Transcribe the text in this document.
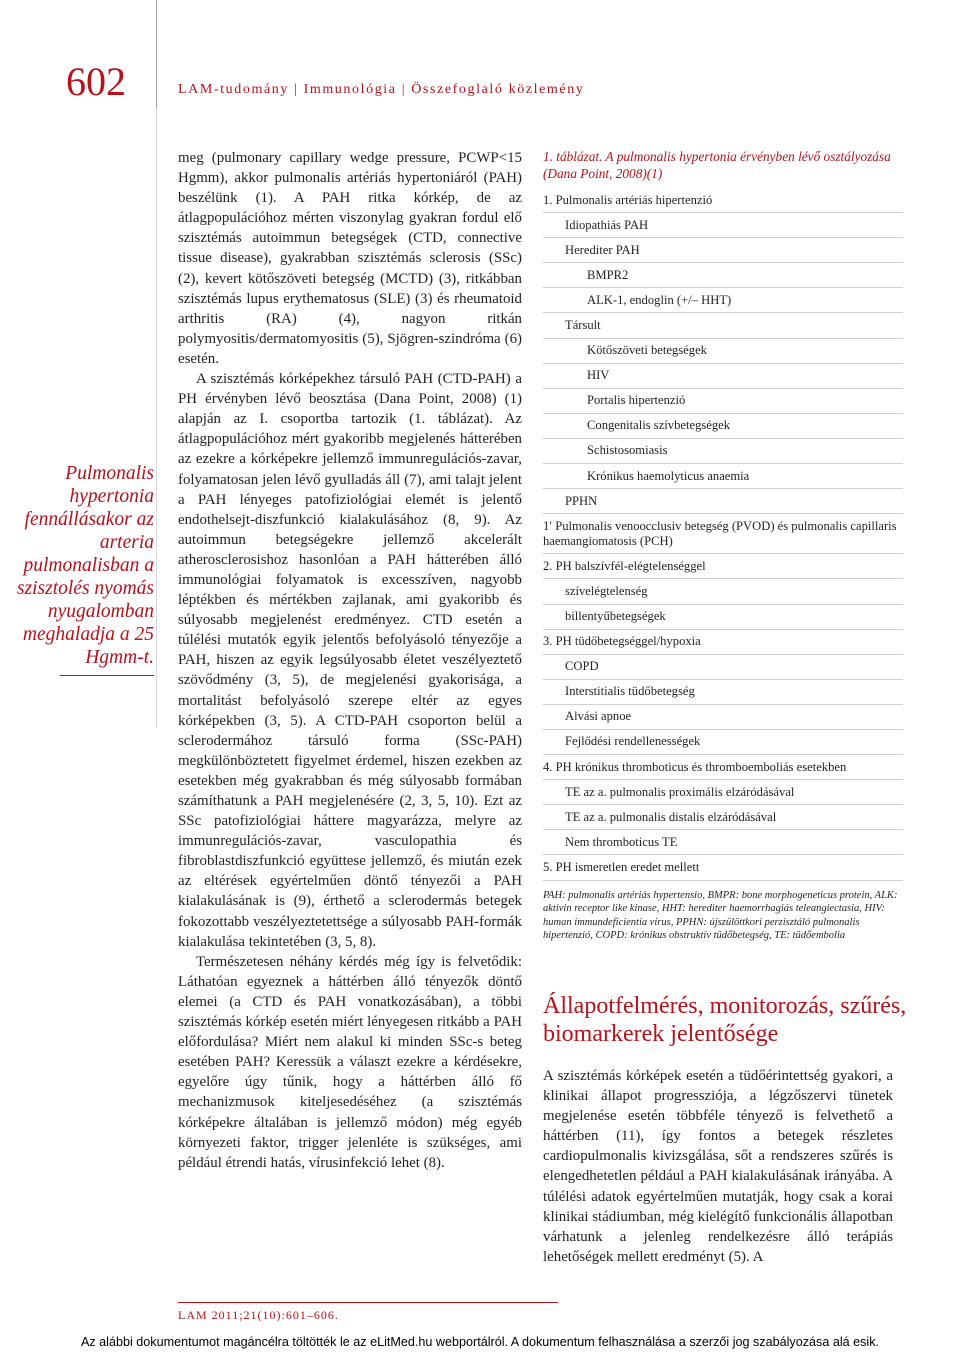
602	LAM-tudomány | Immunológia | Összefoglaló közlemény
Pulmonalis hypertonia fennállásakor az arteria pulmonalisban a szisztolés nyomás nyugalomban meghaladja a 25 Hgmm-t.

meg (pulmonary capillary wedge pressure, PCWP<15 Hgmm), akkor pulmonalis artériás hypertoniáról (PAH) beszélünk (1). A PAH ritka kórkép, de az átlagpopulációhoz mérten viszonylag gyakran fordul elő szisztémás autoimmun betegségek (CTD, connective tissue disease), gyakrabban szisztémás sclerosis (SSc) (2), kevert kötőszöveti betegség (MCTD) (3), ritkábban szisztémás lupus erythematosus (SLE) (3) és rheumatoid arthritis (RA) (4), nagyon ritkán polymyositis/dermatomyositis (5), Sjögren-szindróma (6) esetén.

A szisztémás kórképekhez társuló PAH (CTD-PAH) a PH érvényben lévő beosztása (Dana Point, 2008) (1) alapján az I. csoportba tartozik (1. táblázat). Az átlagpopulációhoz mért gyakoribb megjelenés hátterében az ezekre a kórképekre jellemző immunregulációs-zavar, folyamatosan jelen lévő gyulladás áll (7), ami talajt jelent a PAH lényeges patofiziológiai elemét is jelentő endothelsejt-diszfunkció kialakulásához (8, 9). Az autoimmun betegségekre jellemző akcelerált atherosclerosishoz hasonlóan a PAH hátterében álló immunológiai folyamatok is excesszíven, nagyobb léptékben és mértékben zajlanak, ami gyakoribb és súlyosabb megjelenést eredményez. CTD esetén a túlélési mutatók egyik jelentős befolyásoló tényezője a PAH, hiszen az egyik legsúlyosabb életet veszélyeztető szövődmény (3, 5), de megjelenési gyakorisága, a mortalitást befolyásoló szerepe eltér az egyes kórképekben (3, 5). A CTD-PAH csoporton belül a sclerodermához társuló forma (SSc-PAH) megkülönböztetett figyelmet érdemel, hiszen ezekben az esetekben még gyakrabban és még súlyosabb formában számíthatunk a PAH megjelenésére (2, 3, 5, 10). Ezt az SSc patofiziológiai háttere magyarázza, melyre az immunregulációs-zavar, vasculopathia és fibroblastdiszfunkció együttese jellemző, és miután ezek az eltérések egyértelműen döntő tényezői a PAH kialakulásának is (9), érthető a sclerodermás betegek fokozottabb veszélyeztetettsége a súlyosabb PAH-formák kialakulása tekintetében (3, 5, 8).

Természetesen néhány kérdés még így is felvetődik: Láthatóan egyeznek a háttérben álló tényezők döntő elemei (a CTD és PAH vonatkozásában), a többi szisztémás kórkép esetén miért lényegesen ritkább a PAH előfordulása? Miért nem alakul ki minden SSc-s beteg esetében PAH? Keressük a választ ezekre a kérdésekre, egyelőre úgy tűnik, hogy a háttérben álló fő mechanizmusok kiteljesedéséhez (a szisztémás kórképekre általában is jellemző módon) még egyéb környezeti faktor, trigger jelenléte is szükséges, ami például étrendi hatás, vírusinfekció lehet (8).

1. táblázat. A pulmonalis hypertonia érvényben lévő osztályozása (Dana Point, 2008)(1)
1. Pulmonalis artériás hipertenzió
Idiopathiás PAH
Herediter PAH
BMPR2
ALK-1, endoglin (+/– HHT)
Társult
Kötőszöveti betegségek
HIV
Portalis hipertenzió
Congenitalis szívbetegségek
Schistosomiasis
Krónikus haemolyticus anaemia
PPHN
1′ Pulmonalis venoocclusiv betegség (PVOD) és pulmonalis capillaris haemangiomatosis (PCH)
2. PH balszívfél-elégtelenséggel
szívelégtelenség
billentyűbetegségek
3. PH tüdőbetegséggel/hypoxia
COPD
Interstitialis tüdőbetegség
Alvási apnoe
Fejlődési rendellenességek
4. PH krónikus thromboticus és thromboemboliás esetekben
TE az a. pulmonalis proximális elzáródásával
TE az a. pulmonalis distalis elzáródásával
Nem thromboticus TE
5. PH ismeretlen eredet mellett
PAH: pulmonalis artériás hypertensio, BMPR: bone morphogeneticus protein, ALK: aktivin receptor like kinase, HHT: herediter haemorrhagiás teleangiectasia, HIV: human immundeficientia virus, PPHN: újszülöttkori perzisztáló pulmonalis hipertenzió, COPD: krónikus obstruktív tüdőbetegség, TE: tüdőembolia
Állapotfelmérés, monitorozás, szűrés, biomarkerek jelentősége
A szisztémás kórképek esetén a tüdőérintettség gyakori, a klinikai állapot progressziója, a légzőszervi tünetek megjelenése esetén többféle tényező is felvethető a háttérben (11), így fontos a betegek részletes cardiopulmonalis kivizsgálása, sőt a rendszeres szűrés is elengedhetetlen például a PAH kialakulásának irányába. A túlélési adatok egyértelműen mutatják, hogy csak a korai klinikai stádiumban, még kielégítő funkcionális állapotban várhatunk a jelenleg rendelkezésre álló terápiás lehetőségek mellett eredményt (5). A
LAM 2011;21(10):601–606.
Az alábbi dokumentumot magáncélra töltötték le az eLitMed.hu webportálról. A dokumentum felhasználása a szerzői jog szabályozása alá esik.
